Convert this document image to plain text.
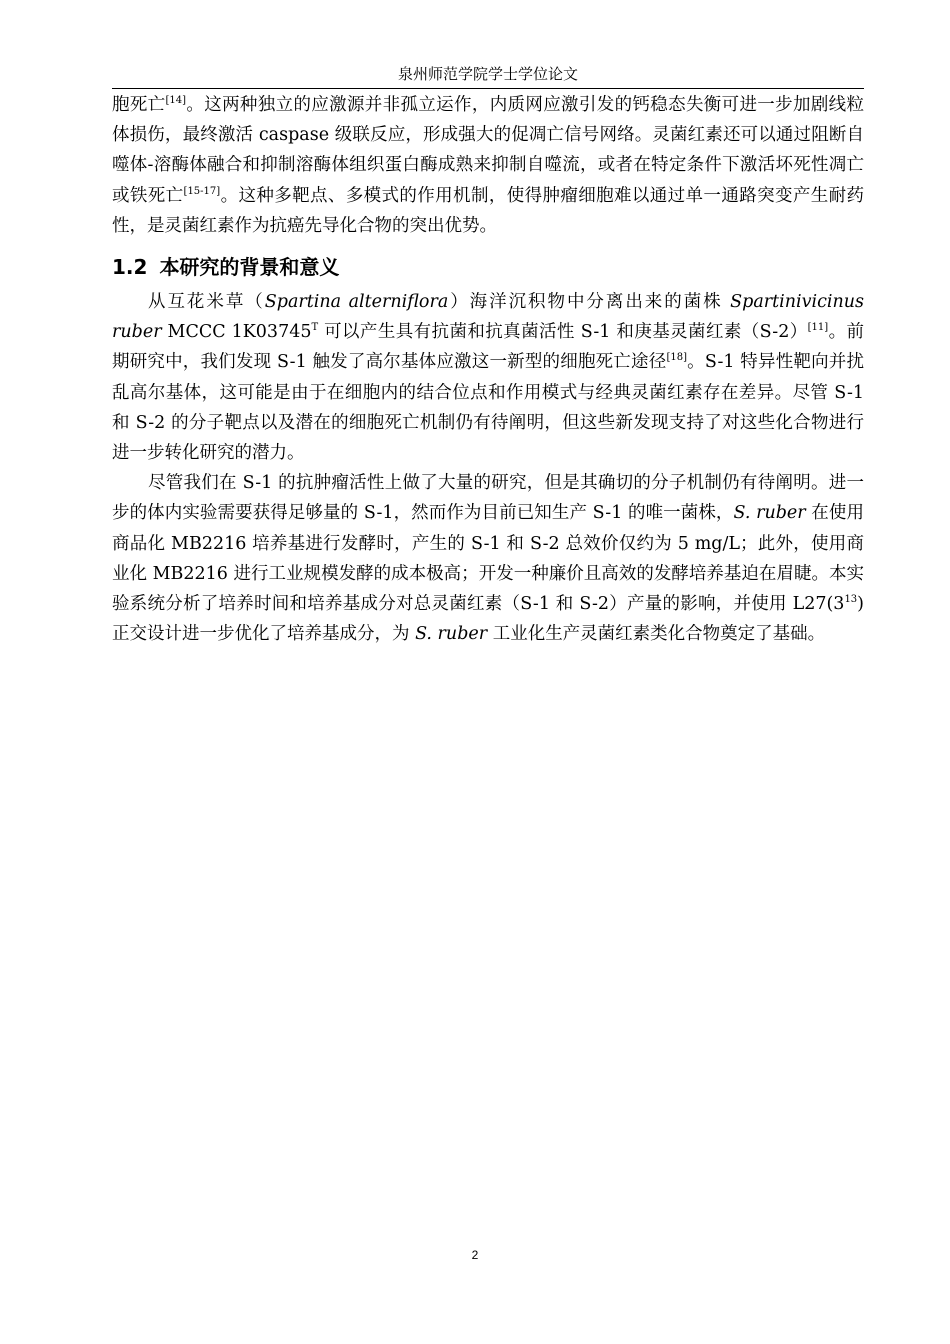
泉州师范学院学士学位论文

胞死亡[14]。这两种独立的应激源并非孤立运作，内质网应激引发的钙稳态失衡可进一步加剧线粒体损伤，最终激活 caspase 级联反应，形成强大的促凋亡信号网络。灵菌红素还可以通过阻断自噬体-溶酶体融合和抑制溶酶体组织蛋白酶成熟来抑制自噬流，或者在特定条件下激活坏死性凋亡或铁死亡[15-17]。这种多靶点、多模式的作用机制，使得肿瘤细胞难以通过单一通路突变产生耐药性，是灵菌红素作为抗癌先导化合物的突出优势。

1.2 本研究的背景和意义

从互花米草（Spartina alterniflora）海洋沉积物中分离出来的菌株 Spartinivicinus ruber MCCC $1K03745^T$ 可以产生具有抗菌和抗真菌活性 S-1 和庚基灵菌红素（S-2）[11]。前期研究中，我们发现 S-1 触发了高尔基体应激这一新型的细胞死亡途径[18]。S-1 特异性靶向并扰乱高尔基体，这可能是由于在细胞内的结合位点和作用模式与经典灵菌红素存在差异。尽管 S-1 和 S-2 的分子靶点以及潜在的细胞死亡机制仍有待阐明，但这些新发现支持了对这些化合物进行进一步转化研究的潜力。

尽管我们在 S-1 的抗肿瘤活性上做了大量的研究，但是其确切的分子机制仍有待阐明。进一步的体内实验需要获得足够量的 S-1，然而作为目前已知生产 S-1 的唯一菌株，S. ruber 在使用商品化 MB2216 培养基进行发酵时，产生的 S-1 和 S-2 总效价仅约为 5 mg/L；此外，使用商业化 MB2216 进行工业规模发酵的成本极高；开发一种廉价且高效的发酵培养基迫在眉睫。本实验系统分析了培养时间和培养基成分对总灵菌红素（S-1 和 S-2）产量的影响，并使用 $L27(3^{13})$正交设计进一步优化了培养基成分，为 S. ruber 工业化生产灵菌红素类化合物奠定了基础。

2
